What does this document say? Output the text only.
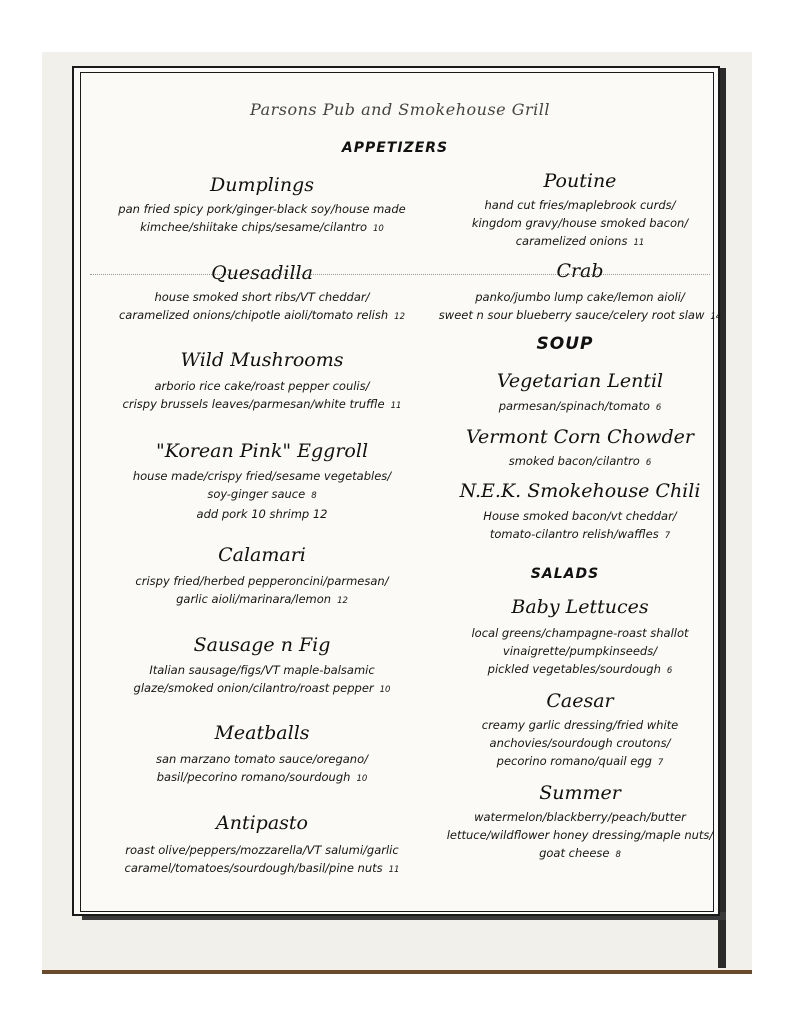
Parsons Pub and Smokehouse Grill
APPETIZERS
SOUP
SALADS
Dumplings
pan fried spicy pork/ginger-black soy/house made
kimchee/shiitake chips/sesame/cilantro 10
Quesadilla
house smoked short ribs/VT cheddar/
caramelized onions/chipotle aioli/tomato relish 12
Wild Mushrooms
arborio rice cake/roast pepper coulis/
crispy brussels leaves/parmesan/white truffle 11
"Korean Pink" Eggroll
house made/crispy fried/sesame vegetables/
soy-ginger sauce 8
add pork 10 shrimp 12
Calamari
crispy fried/herbed pepperoncini/parmesan/
garlic aioli/marinara/lemon 12
Sausage n Fig
Italian sausage/figs/VT maple-balsamic
glaze/smoked onion/cilantro/roast pepper 10
Meatballs
san marzano tomato sauce/oregano/
basil/pecorino romano/sourdough 10
Antipasto
roast olive/peppers/mozzarella/VT salumi/garlic
caramel/tomatoes/sourdough/basil/pine nuts 11
Poutine
hand cut fries/maplebrook curds/
kingdom gravy/house smoked bacon/
caramelized onions 11
Crab
panko/jumbo lump cake/lemon aioli/
sweet n sour blueberry sauce/celery root slaw 14
Vegetarian Lentil
parmesan/spinach/tomato 6
Vermont Corn Chowder
smoked bacon/cilantro 6
N.E.K. Smokehouse Chili
House smoked bacon/vt cheddar/
tomato-cilantro relish/waffles 7
Baby Lettuces
local greens/champagne-roast shallot
vinaigrette/pumpkinseeds/
pickled vegetables/sourdough 6
Caesar
creamy garlic dressing/fried white
anchovies/sourdough croutons/
pecorino romano/quail egg 7
Summer
watermelon/blackberry/peach/butter
lettuce/wildflower honey dressing/maple nuts/
goat cheese 8
